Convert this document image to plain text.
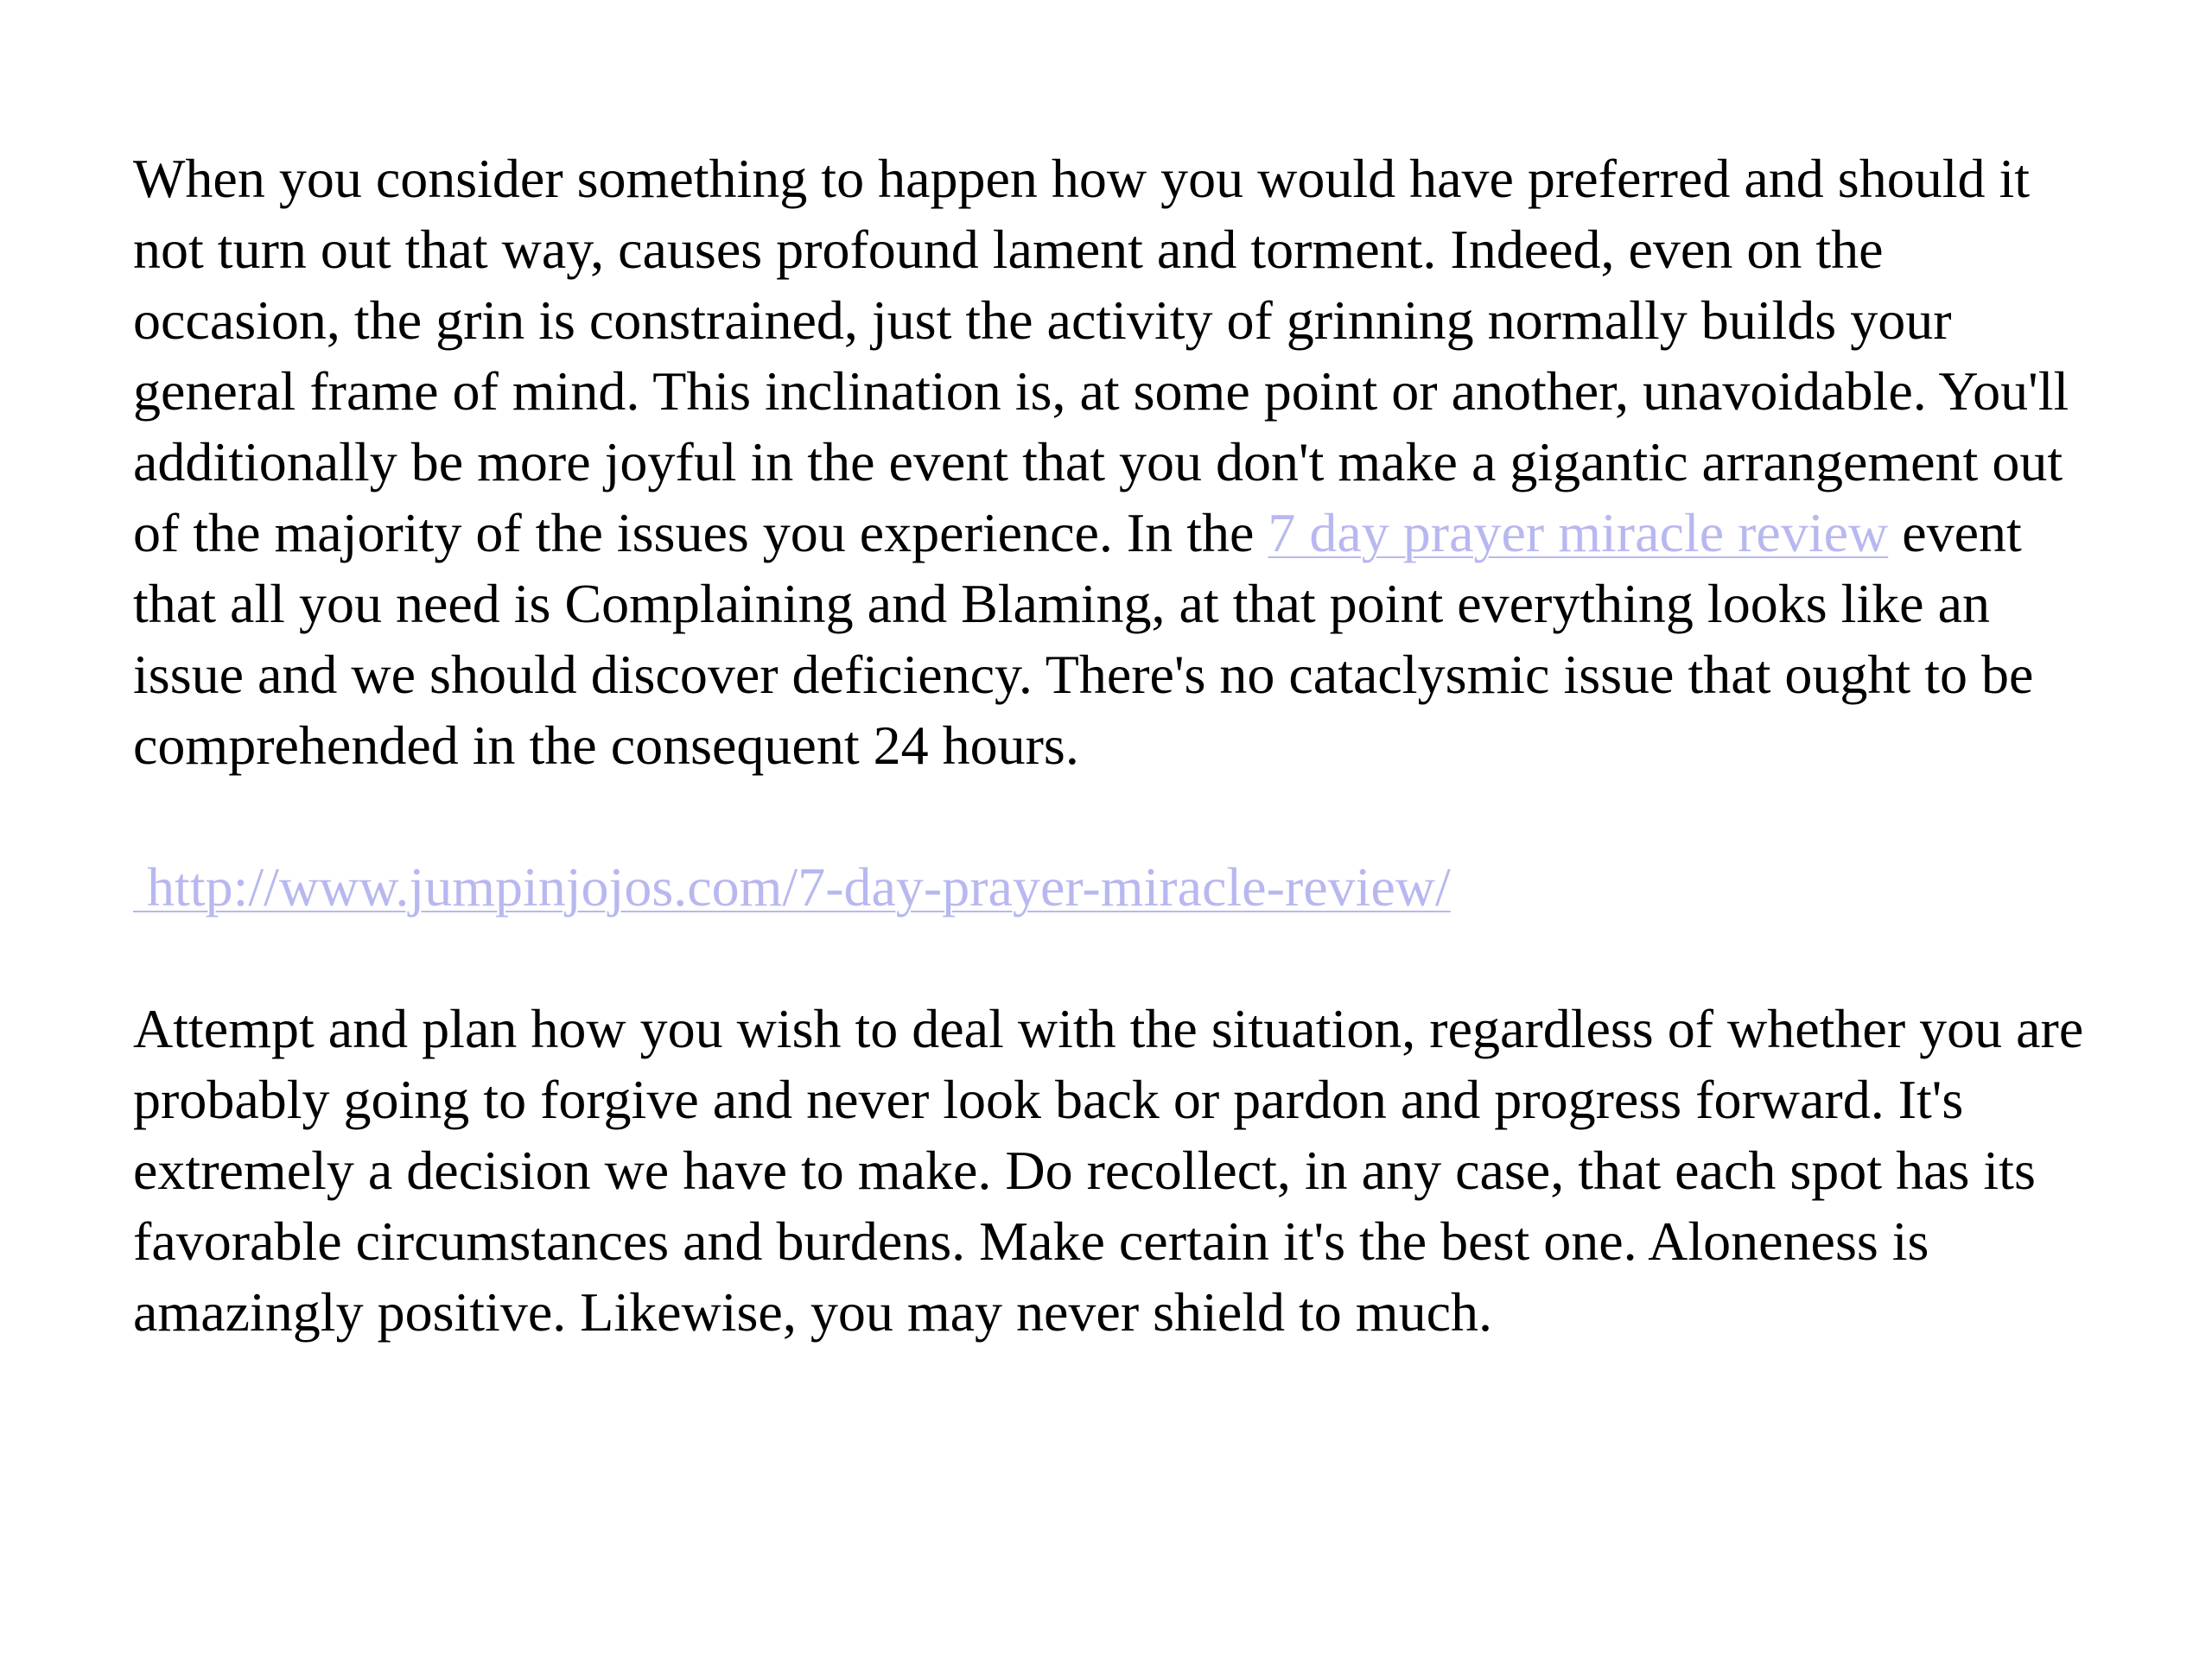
When you consider something to happen how you would have preferred and should it not turn out that way, causes profound lament and torment. Indeed, even on the occasion, the grin is constrained, just the activity of grinning normally builds your general frame of mind. This inclination is, at some point or another, unavoidable. You'll additionally be more joyful in the event that you don't make a gigantic arrangement out of the majority of the issues you experience. In the 7 day prayer miracle review event that all you need is Complaining and Blaming, at that point everything looks like an issue and we should discover deficiency. There's no cataclysmic issue that ought to be comprehended in the consequent 24 hours.

http://www.jumpinjojos.com/7-day-prayer-miracle-review/

Attempt and plan how you wish to deal with the situation, regardless of whether you are probably going to forgive and never look back or pardon and progress forward. It's extremely a decision we have to make. Do recollect, in any case, that each spot has its favorable circumstances and burdens. Make certain it's the best one. Aloneness is amazingly positive. Likewise, you may never shield to much.
